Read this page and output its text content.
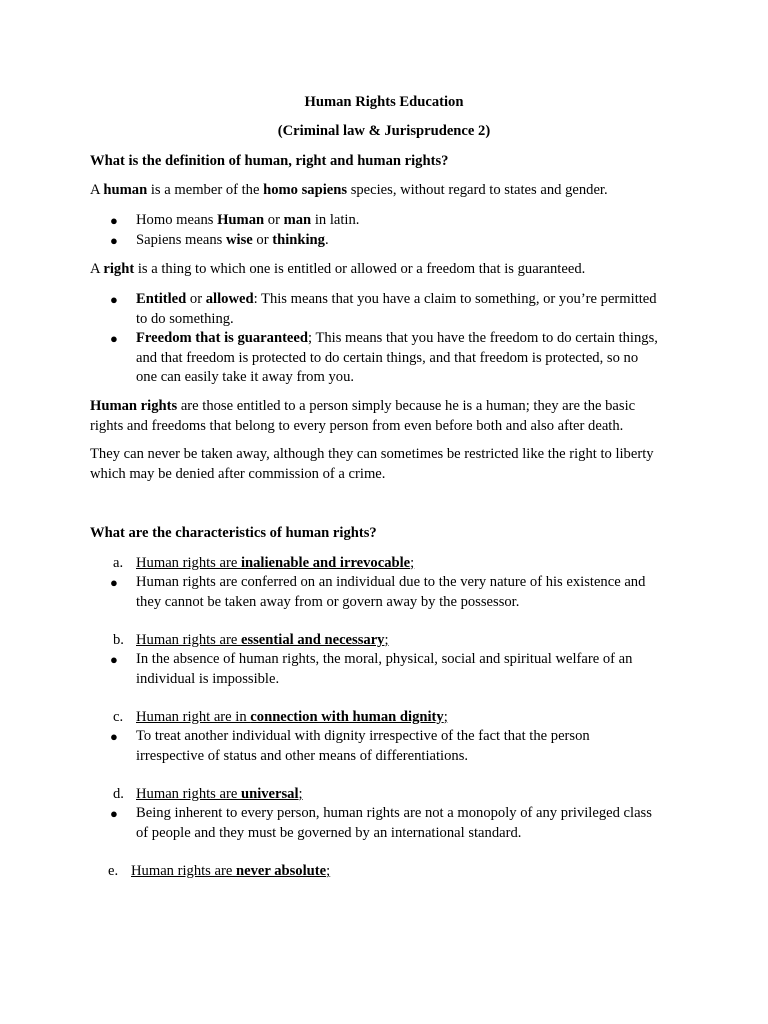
Human Rights Education
(Criminal law & Jurisprudence 2)
What is the definition of human, right and human rights?
A human is a member of the homo sapiens species, without regard to states and gender.
● Homo means Human or man in latin.
● Sapiens means wise or thinking.
A right is a thing to which one is entitled or allowed or a freedom that is guaranteed.
● Entitled or allowed: This means that you have a claim to something, or you’re permitted
to do something.
● Freedom that is guaranteed; This means that you have the freedom to do certain things,
and that freedom is protected to do certain things, and that freedom is protected, so no
one can easily take it away from you.
Human rights are those entitled to a person simply because he is a human; they are the basic
rights and freedoms that belong to every person from even before both and also after death.
They can never be taken away, although they can sometimes be restricted like the right to liberty
which may be denied after commission of a crime.
What are the characteristics of human rights?
a. Human rights are inalienable and irrevocable;
● Human rights are conferred on an individual due to the very nature of his existence and
they cannot be taken away from or govern away by the possessor.
b. Human rights are essential and necessary;
● In the absence of human rights, the moral, physical, social and spiritual welfare of an
individual is impossible.
c. Human right are in connection with human dignity;
● To treat another individual with dignity irrespective of the fact that the person
irrespective of status and other means of differentiations.
d. Human rights are universal;
● Being inherent to every person, human rights are not a monopoly of any privileged class
of people and they must be governed by an international standard.
e. Human rights are never absolute;
